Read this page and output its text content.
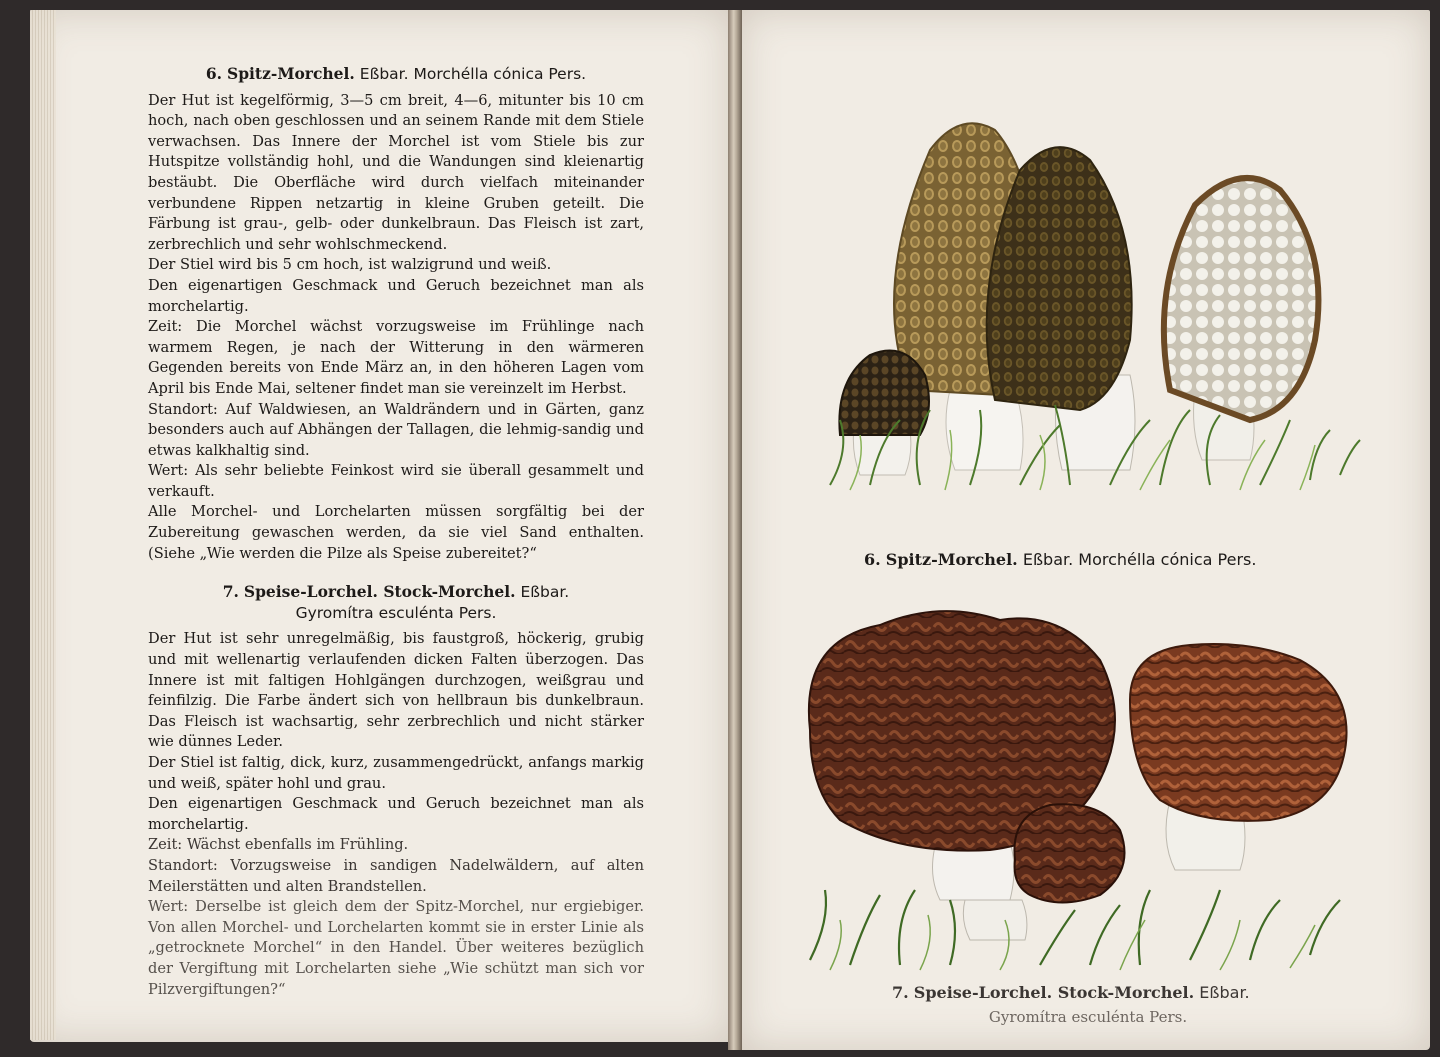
6. Spitz-Morchel. Eßbar. Morchélla cónica Pers.

Der Hut ist kegelförmig, 3—5 cm breit, 4—6, mitunter bis 10 cm hoch, nach oben geschlossen und an seinem Rande mit dem Stiele verwachsen. Das Innere der Morchel ist vom Stiele bis zur Hutspitze vollständig hohl, und die Wandungen sind kleienartig bestäubt. Die Oberfläche wird durch vielfach miteinander verbundene Rippen netzartig in kleine Gruben geteilt. Die Färbung ist grau-, gelb- oder dunkelbraun. Das Fleisch ist zart, zerbrechlich und sehr wohlschmeckend.

Der Stiel wird bis 5 cm hoch, ist walzigrund und weiß.

Den eigenartigen Geschmack und Geruch bezeichnet man als morchelartig.

Zeit: Die Morchel wächst vorzugsweise im Frühlinge nach warmem Regen, je nach der Witterung in den wärmeren Gegenden bereits von Ende März an, in den höheren Lagen vom April bis Ende Mai, seltener findet man sie vereinzelt im Herbst.

Standort: Auf Waldwiesen, an Waldrändern und in Gärten, ganz besonders auch auf Abhängen der Tallagen, die lehmig-sandig und etwas kalkhaltig sind.

Wert: Als sehr beliebte Feinkost wird sie überall gesammelt und verkauft.

Alle Morchel- und Lorchelarten müssen sorgfältig bei der Zubereitung gewaschen werden, da sie viel Sand enthalten. (Siehe „Wie werden die Pilze als Speise zubereitet?“

7. Speise-Lorchel. Stock-Morchel. Eßbar.
Gyromítra esculénta Pers.

Der Hut ist sehr unregelmäßig, bis faustgroß, höckerig, grubig und mit wellenartig verlaufenden dicken Falten überzogen. Das Innere ist mit faltigen Hohlgängen durchzogen, weißgrau und feinfilzig. Die Farbe ändert sich von hellbraun bis dunkelbraun. Das Fleisch ist wachsartig, sehr zerbrechlich und nicht stärker wie dünnes Leder.

Der Stiel ist faltig, dick, kurz, zusammengedrückt, anfangs markig und weiß, später hohl und grau.

Den eigenartigen Geschmack und Geruch bezeichnet man als morchelartig.

Zeit: Wächst ebenfalls im Frühling.

Standort: Vorzugsweise in sandigen Nadelwäldern, auf alten Meilerstätten und alten Brandstellen.

Wert: Derselbe ist gleich dem der Spitz-Morchel, nur ergiebiger. Von allen Morchel- und Lorchelarten kommt sie in erster Linie als „getrocknete Morchel“ in den Handel. Über weiteres bezüglich der Vergiftung mit Lorchelarten siehe „Wie schützt man sich vor Pilzvergiftungen?“

6. Spitz-Morchel. Eßbar. Morchélla cónica Pers.
7. Speise-Lorchel. Stock-Morchel. Eßbar.
Gyromítra esculénta Pers.
